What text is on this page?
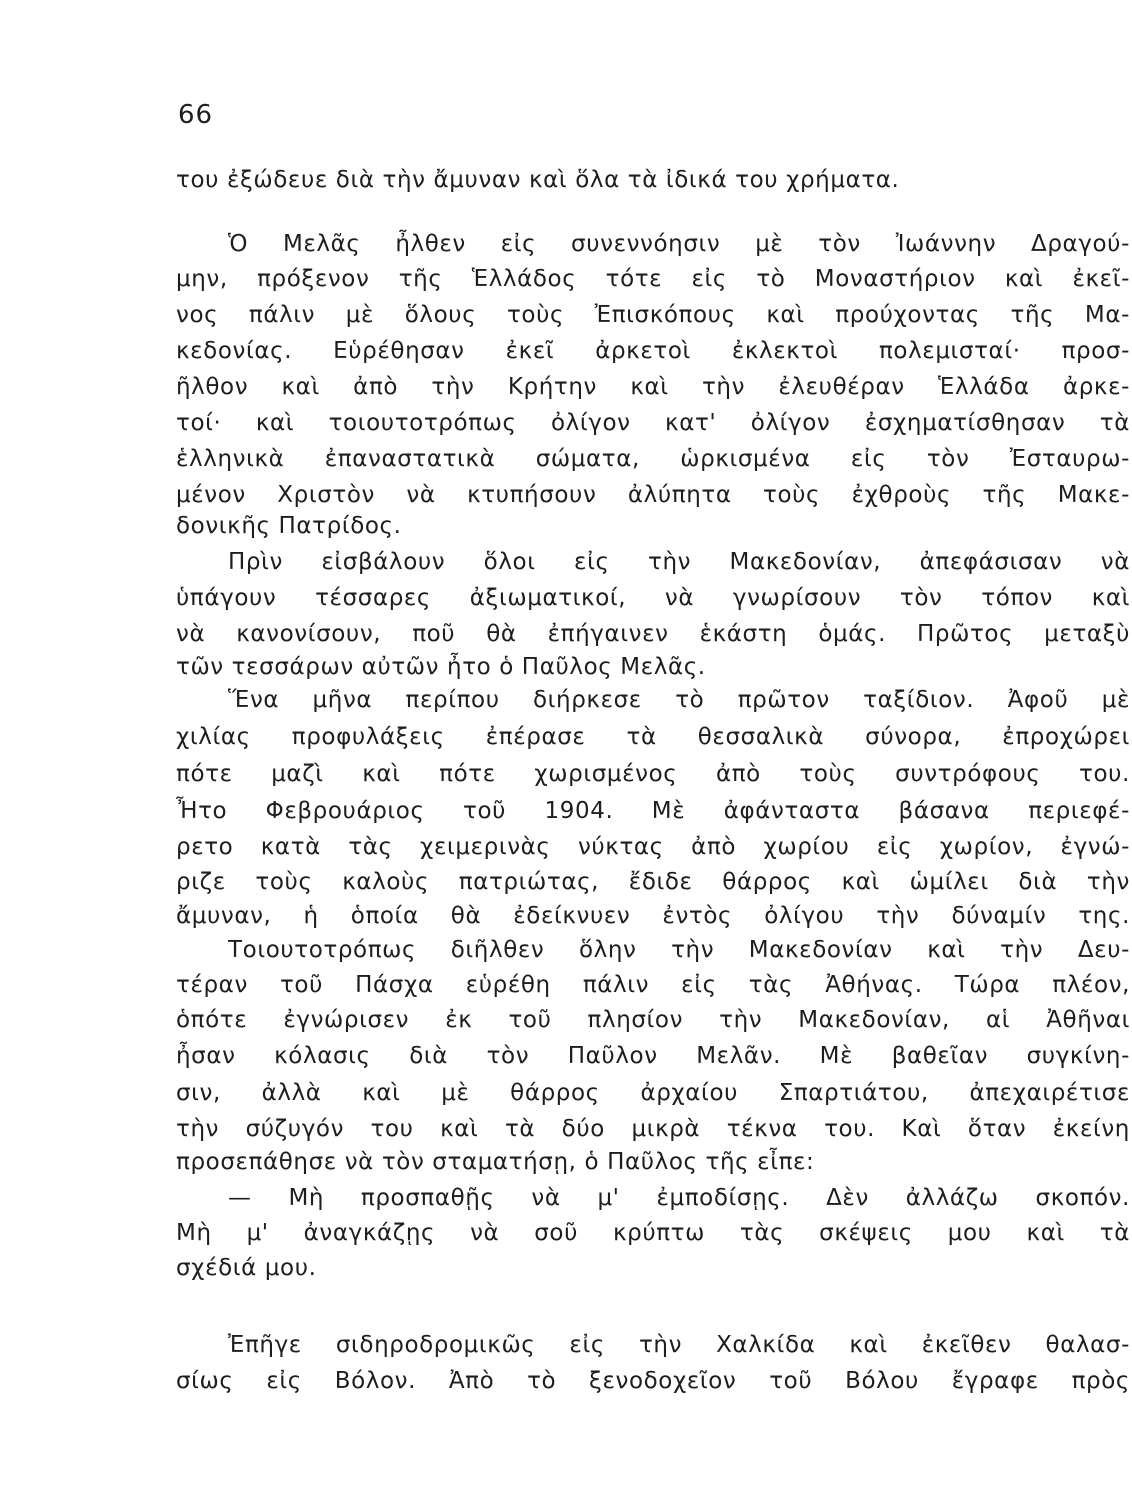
66
του ἐξώδευε διὰ τὴν ἄμυναν καὶ ὅλα τὰ ἰδικά του χρήματα.
Ὁ Μελᾶς ἦλθεν εἰς συνεννόησιν μὲ τὸν Ἰωάννην Δραγού-
μην, πρόξενον τῆς Ἑλλάδος τότε εἰς τὸ Μοναστήριον καὶ ἐκεῖ-
νος πάλιν μὲ ὅλους τοὺς Ἐπισκόπους καὶ προύχοντας τῆς Μα-
κεδονίας. Εὑρέθησαν ἐκεῖ ἀρκετοὶ ἐκλεκτοὶ πολεμισταί· προσ-
ῆλθον καὶ ἀπὸ τὴν Κρήτην καὶ τὴν ἐλευθέραν Ἑλλάδα ἀρκε-
τοί· καὶ τοιουτοτρόπως ὀλίγον κατ' ὀλίγον ἐσχηματίσθησαν τὰ
ἑλληνικὰ ἐπαναστατικὰ σώματα, ὡρκισμένα εἰς τὸν Ἐσταυρω-
μένον Χριστὸν νὰ κτυπήσουν ἀλύπητα τοὺς ἐχθροὺς τῆς Μακε-
δονικῆς Πατρίδος.
Πρὶν εἰσβάλουν ὅλοι εἰς τὴν Μακεδονίαν, ἀπεφάσισαν νὰ
ὑπάγουν τέσσαρες ἀξιωματικοί, νὰ γνωρίσουν τὸν τόπον καὶ
νὰ κανονίσουν, ποῦ θὰ ἐπήγαινεν ἑκάστη ὁμάς. Πρῶτος μεταξὺ
τῶν τεσσάρων αὐτῶν ἦτο ὁ Παῦλος Μελᾶς.
Ἕνα μῆνα περίπου διήρκεσε τὸ πρῶτον ταξίδιον. Ἀφοῦ μὲ
χιλίας προφυλάξεις ἐπέρασε τὰ θεσσαλικὰ σύνορα, ἐπροχώρει
πότε μαζὶ καὶ πότε χωρισμένος ἀπὸ τοὺς συντρόφους του.
Ἦτο Φεβρουάριος τοῦ 1904. Μὲ ἀφάνταστα βάσανα περιεφέ-
ρετο κατὰ τὰς χειμερινὰς νύκτας ἀπὸ χωρίου εἰς χωρίον, ἐγνώ-
ριζε τοὺς καλοὺς πατριώτας, ἔδιδε θάρρος καὶ ὡμίλει διὰ τὴν
ἄμυναν, ἡ ὁποία θὰ ἐδείκνυεν ἐντὸς ὀλίγου τὴν δύναμίν της.
Τοιουτοτρόπως διῆλθεν ὅλην τὴν Μακεδονίαν καὶ τὴν Δευ-
τέραν τοῦ Πάσχα εὑρέθη πάλιν εἰς τὰς Ἀθήνας. Τώρα πλέον,
ὁπότε ἐγνώρισεν ἐκ τοῦ πλησίον τὴν Μακεδονίαν, αἱ Ἀθῆναι
ἦσαν κόλασις διὰ τὸν Παῦλον Μελᾶν. Μὲ βαθεῖαν συγκίνη-
σιν, ἀλλὰ καὶ μὲ θάρρος ἀρχαίου Σπαρτιάτου, ἀπεχαιρέτισε
τὴν σύζυγόν του καὶ τὰ δύο μικρὰ τέκνα του. Καὶ ὅταν ἐκείνη
προσεπάθησε νὰ τὸν σταματήσῃ, ὁ Παῦλος τῆς εἶπε:
— Μὴ προσπαθῇς νὰ μ' ἐμποδίσῃς. Δὲν ἀλλάζω σκοπόν.
Μὴ μ' ἀναγκάζῃς νὰ σοῦ κρύπτω τὰς σκέψεις μου καὶ τὰ
σχέδιά μου.
Ἐπῆγε σιδηροδρομικῶς εἰς τὴν Χαλκίδα καὶ ἐκεῖθεν θαλασ-
σίως εἰς Βόλον. Ἀπὸ τὸ ξενοδοχεῖον τοῦ Βόλου ἔγραφε πρὸς
